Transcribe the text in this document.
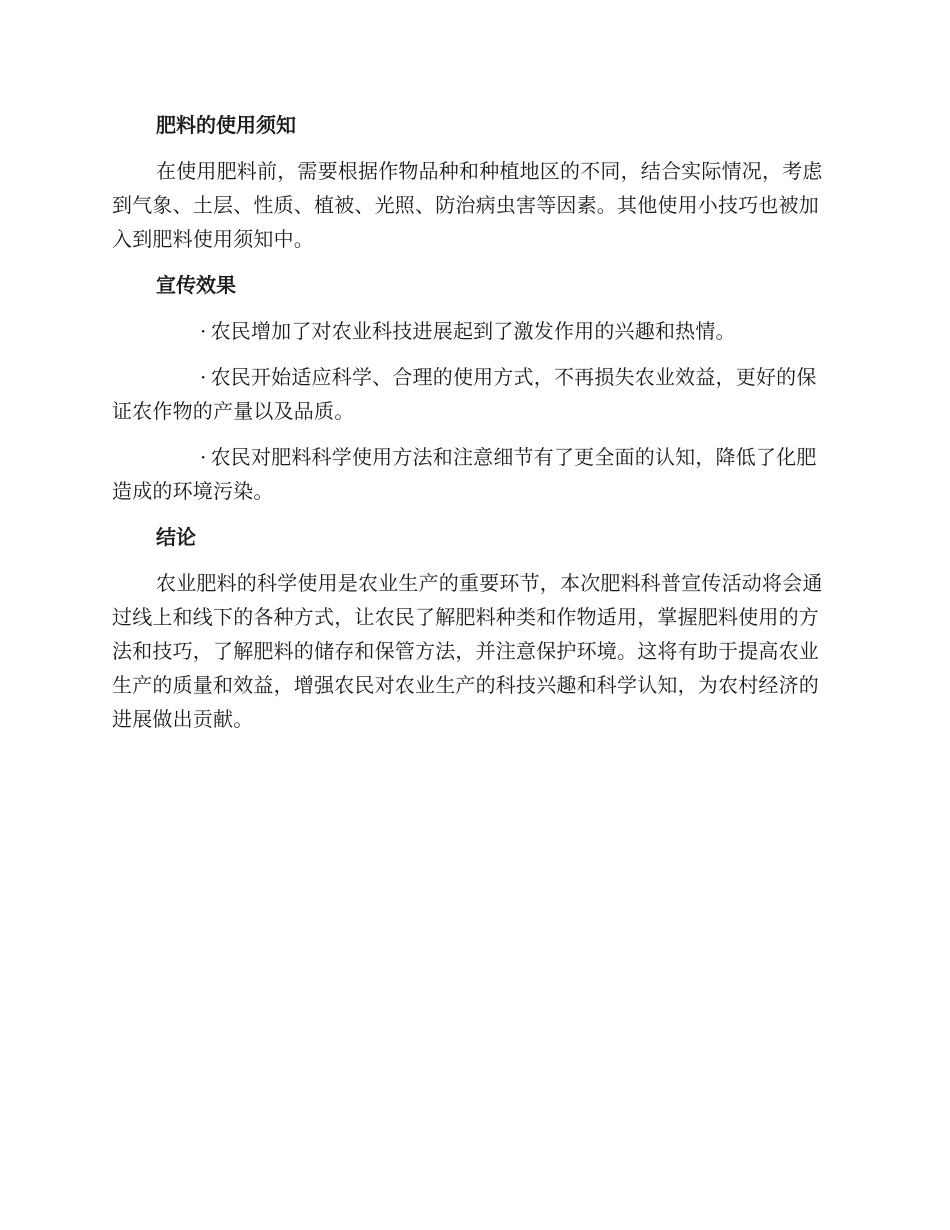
肥料的使用须知

在使用肥料前，需要根据作物品种和种植地区的不同，结合实际情况，考虑到气象、土层、性质、植被、光照、防治病虫害等因素。其他使用小技巧也被加入到肥料使用须知中。

宣传效果

· 农民增加了对农业科技进展起到了激发作用的兴趣和热情。

· 农民开始适应科学、合理的使用方式，不再损失农业效益，更好的保证农作物的产量以及品质。

· 农民对肥料科学使用方法和注意细节有了更全面的认知，降低了化肥造成的环境污染。

结论

农业肥料的科学使用是农业生产的重要环节，本次肥料科普宣传活动将会通过线上和线下的各种方式，让农民了解肥料种类和作物适用，掌握肥料使用的方法和技巧，了解肥料的储存和保管方法，并注意保护环境。这将有助于提高农业生产的质量和效益，增强农民对农业生产的科技兴趣和科学认知，为农村经济的进展做出贡献。
